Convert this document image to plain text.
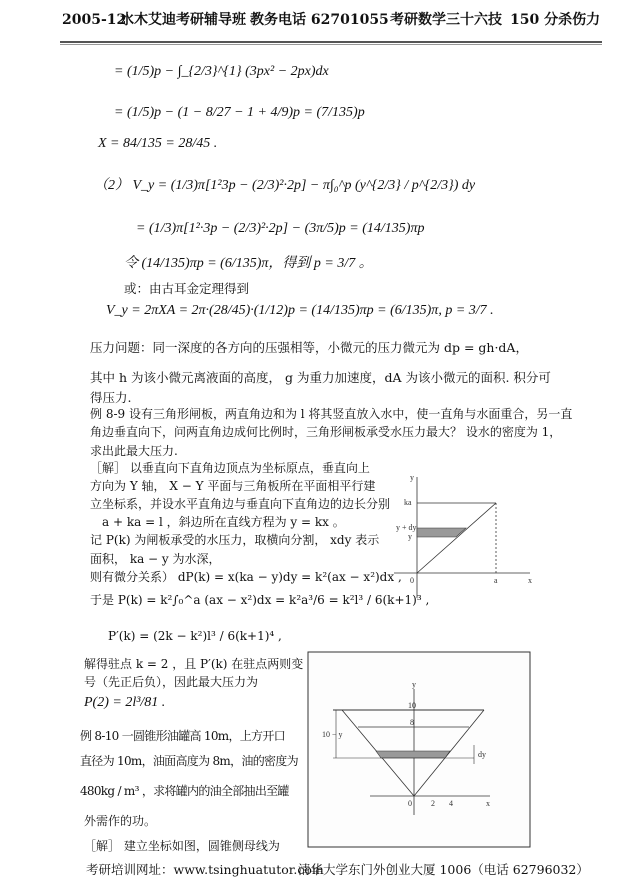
2005-12
水木艾迪考研辅导班 教务电话 62701055 考研数学三十六技 150 分杀伤力
= (1/5)p − ∫_{2/3}^{1} (3px² − 2px)dx
= (1/5)p − (1 − 8/27 − 1 + 4/9)p = (7/135)p
X = 84/135 = 28/45 .
（2） V_y = (1/3)π[1²3p − (2/3)²·2p] − π∫₀^p (y^{2/3} / p^{2/3}) dy
= (1/3)π[1²·3p − (2/3)²·2p] − (3π/5)p = (14/135)πp
令 (14/135)πp = (6/135)π，得到 p = 3/7 。
或：由古耳金定理得到
V_y = 2πXA = 2π·(28/45)·(1/12)p = (14/135)πp = (6/135)π, p = 3/7 .
压力问题：同一深度的各方向的压强相等，小微元的压力微元为 dp = gh·dA，
其中 h 为该小微元离液面的高度， g 为重力加速度，dA 为该小微元的面积. 积分可
得压力.
例 8-9 设有三角形闸板，两直角边和为 l 将其竖直放入水中，使一直角与水面重合，另一直
角边垂直向下，问两直角边成何比例时，三角形闸板承受水压力最大？ 设水的密度为 1，
求出此最大压力.
［解］ 以垂直向下直角边顶点为坐标原点，垂直向上
方向为 Y 轴， X − Y 平面与三角板所在平面相平行建
立坐标系，并设水平直角边与垂直向下直角边的边长分别
a + ka = l ，斜边所在直线方程为 y = kx 。
记 P(k) 为闸板承受的水压力，取横向分割， xdy 表示
面积， ka − y 为水深，
则有微分关系） dP(k) = x(ka − y)dy = k²(ax − x²)dx ,
于是 P(k) = k²∫₀^a (ax − x²)dx = k²a³/6 = k²l³ / 6(k+1)³ ,
P′(k) = (2k − k²)l³ / 6(k+1)⁴ ,
解得驻点 k = 2 ，且 P′(k) 在驻点两则变
号（先正后负），因此最大压力为
P(2) = 2l³/81 .
例 8-10 一圆锥形油罐高 10m，上方开口
直径为 10m，油面高度为 8m，油的密度为
480kg / m³ ，求将罐内的油全部抽出至罐
外需作的功。
［解］ 建立坐标如图，圆锥侧母线为
y
ka
y + dy
y
0	a	x
y
10
8
10 − y
dy
0 2 4	x
考研培训网址：www.tsinghuatutor.com
清华大学东门外创业大厦 1006（电话 62796032）
